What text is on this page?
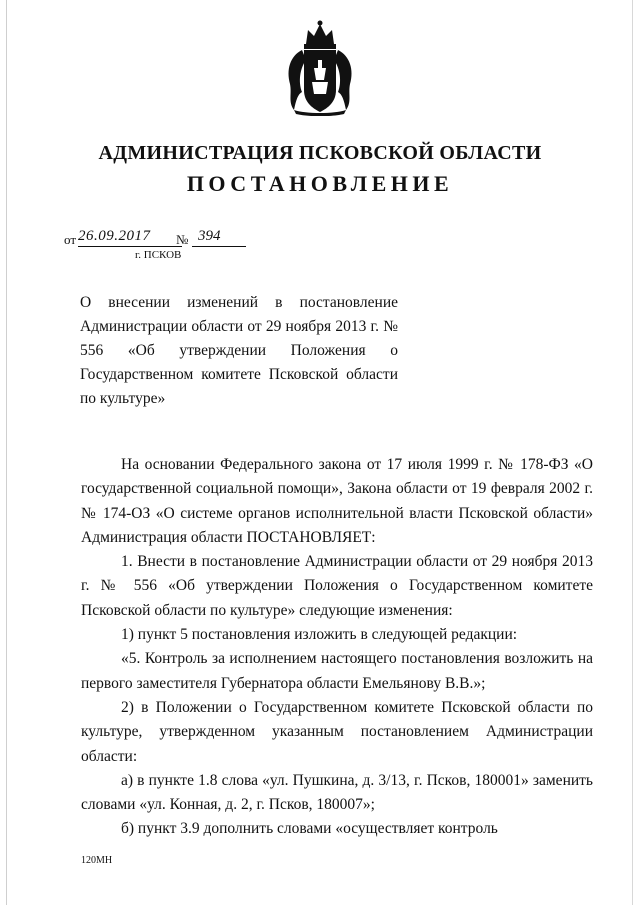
АДМИНИСТРАЦИЯ ПСКОВСКОЙ ОБЛАСТИ
ПОСТАНОВЛЕНИЕ
от 26.09.2017	№ 394
г. ПСКОВ
О внесении изменений в постановление Администрации области от 29 ноября 2013 г. № 556 «Об утверждении Положения о Государственном комитете Псковской области по культуре»

На основании Федерального закона от 17 июля 1999 г. № 178-ФЗ «О государственной социальной помощи», Закона области от 19 февраля 2002 г. № 174-ОЗ «О системе органов исполнительной власти Псковской области» Администрация области ПОСТАНОВЛЯЕТ:

1. Внести в постановление Администрации области от 29 ноября 2013 г. № 556 «Об утверждении Положения о Государственном комитете Псковской области по культуре» следующие изменения:

1) пункт 5 постановления изложить в следующей редакции:

«5. Контроль за исполнением настоящего постановления возложить на первого заместителя Губернатора области Емельянову В.В.»;

2) в Положении о Государственном комитете Псковской области по культуре, утвержденном указанным постановлением Администрации области:

а) в пункте 1.8 слова «ул. Пушкина, д. 3/13, г. Псков, 180001» заменить словами «ул. Конная, д. 2, г. Псков, 180007»;

б) пункт 3.9 дополнить словами «осуществляет контроль

120МН
